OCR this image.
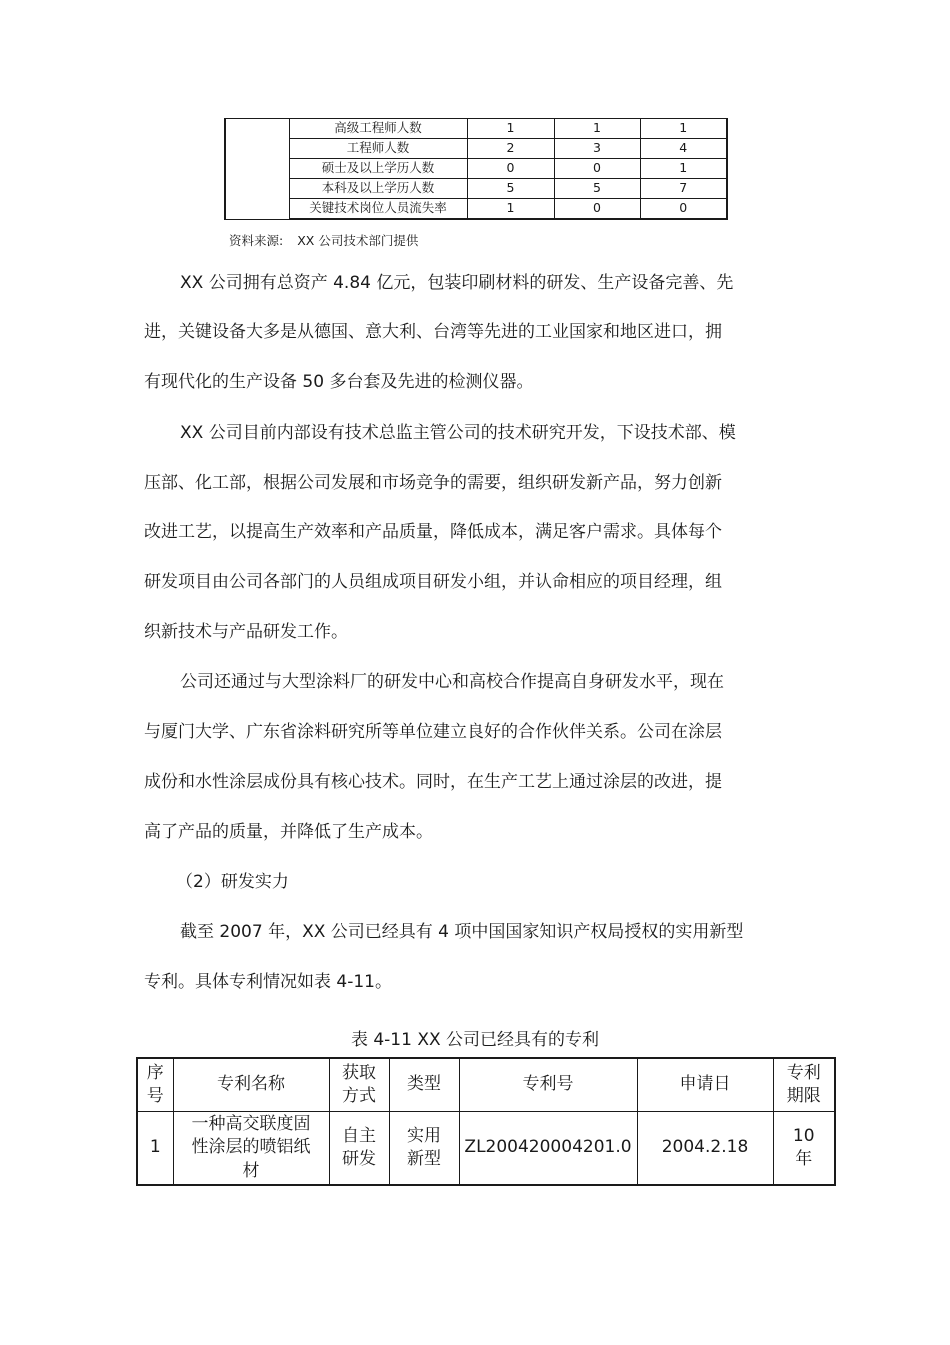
	高级工程师人数	1	1	1
	工程师人数	2	3	4
	硕士及以上学历人数	0	0	1
	本科及以上学历人数	5	5	7
	关键技术岗位人员流失率	1	0	0
资料来源: XX 公司技术部门提供

XX 公司拥有总资产 4.84 亿元，包装印刷材料的研发、生产设备完善、先

进，关键设备大多是从德国、意大利、台湾等先进的工业国家和地区进口，拥

有现代化的生产设备 50 多台套及先进的检测仪器。

XX 公司目前内部设有技术总监主管公司的技术研究开发，下设技术部、模

压部、化工部，根据公司发展和市场竞争的需要，组织研发新产品，努力创新

改进工艺，以提高生产效率和产品质量，降低成本，满足客户需求。具体每个

研发项目由公司各部门的人员组成项目研发小组，并认命相应的项目经理，组

织新技术与产品研发工作。

公司还通过与大型涂料厂的研发中心和高校合作提高自身研发水平，现在

与厦门大学、广东省涂料研究所等单位建立良好的合作伙伴关系。公司在涂层

成份和水性涂层成份具有核心技术。同时，在生产工艺上通过涂层的改进，提

高了产品的质量，并降低了生产成本。

（2）研发实力

截至 2007 年，XX 公司已经具有 4 项中国国家知识产权局授权的实用新型

专利。具体专利情况如表 4-11。

表 4-11 XX 公司已经具有的专利

序
号	专利名称	获取
方式	类型	专利号	申请日	专利
期限
1	一种高交联度固
性涂层的喷铝纸
材	自主
研发	实用
新型	ZL200420004201.0	2004.2.18	10
年
